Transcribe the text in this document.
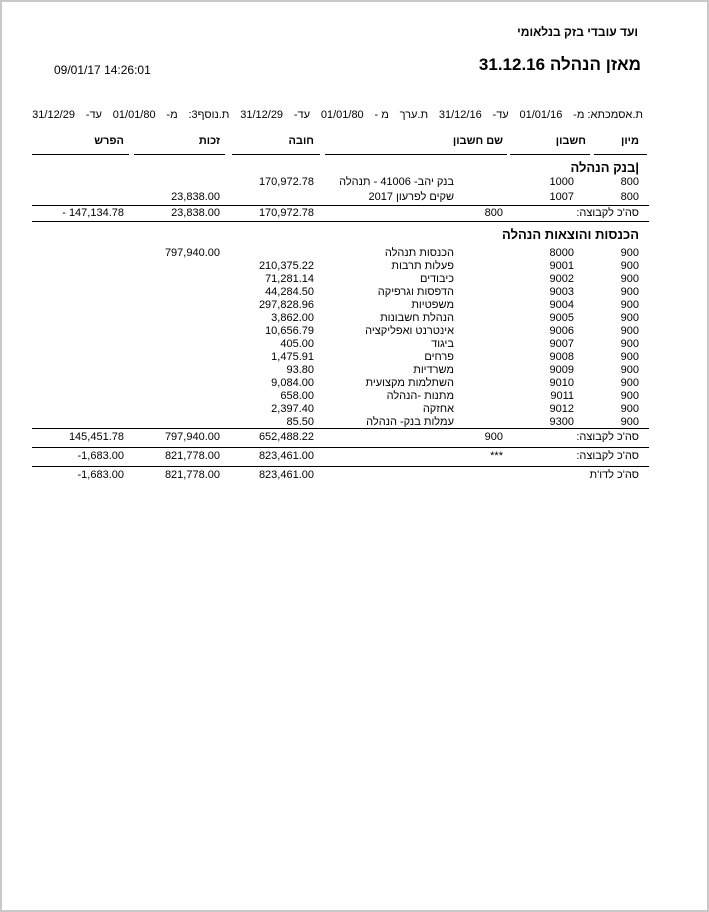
ועד עובדי בזק בנלאומי
מאזן הנהלה 31.12.16
09/01/17 14:26:01
ת.אסמכתא: מ-
01/01/16
עד-
31/12/16
ת.ערך
מ -
01/01/80
עד-
31/12/29
ת.נוסף3:
מ-
01/01/80
עד-
31/12/29
מיון
חשבון
שם חשבון
חובה
זכות
הפרש
|בנק הנהלה
800
1000
בנק יהב- 41006 - תנהלה
170,972.78
800
1007
שקים לפרעון 2017
23,838.00
סה'כ לקבוצה:
800
170,972.78
23,838.00
- 147,134.78
הכנסות והוצאות הנהלה
900
8000
הכנסות תנהלה
797,940.00
900
9001
פעלות תרבות
210,375.22
900
9002
כיבודים
71,281.14
900
9003
הדפסות וגרפיקה
44,284.50
900
9004
משפטיות
297,828.96
900
9005
הנהלת חשבונות
3,862.00
900
9006
אינטרנט ואפליקציה
10,656.79
900
9007
ביגוד
405.00
900
9008
פרחים
1,475.91
900
9009
משרדיות
93.80
900
9010
השתלמות מקצועית
9,084.00
900
9011
מתנות -הנהלה
658.00
900
9012
אחזקה
2,397.40
900
9300
עמלות בנק- הנהלה
85.50
סה'כ לקבוצה:
900
652,488.22
797,940.00
145,451.78
סה'כ לקבוצה:
***
823,461.00
821,778.00
-1,683.00
סה'כ לדו'ת
823,461.00
821,778.00
-1,683.00
